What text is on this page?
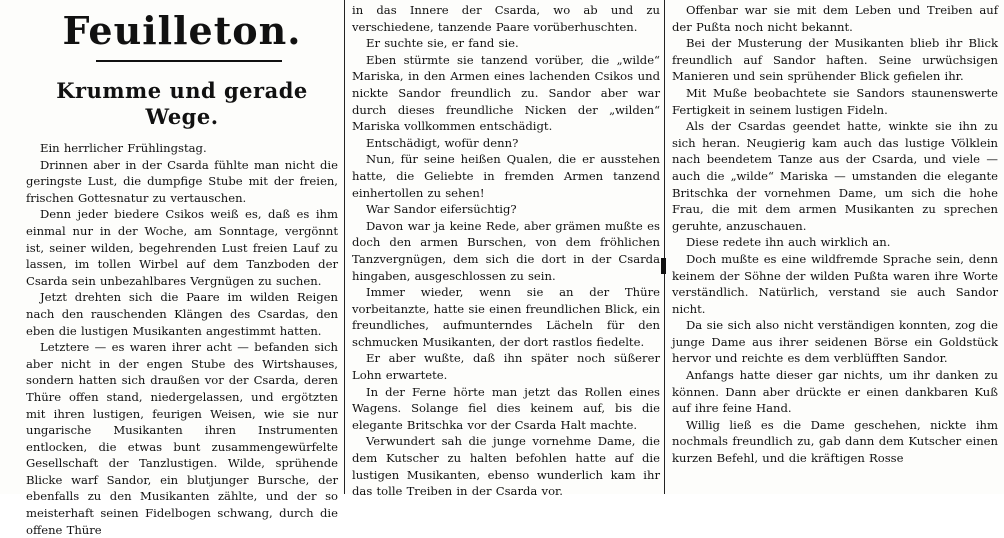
Feuilleton.
Krumme und gerade Wege.

Ein herrlicher Frühlingstag.

Drinnen aber in der Csarda fühlte man nicht die geringste Lust, die dumpfige Stube mit der freien, frischen Gottesnatur zu vertauschen.

Denn jeder biedere Csikos weiß es, daß es ihm einmal nur in der Woche, am Sonntage, vergönnt ist, seiner wilden, begehrenden Lust freien Lauf zu lassen, im tollen Wirbel auf dem Tanzboden der Csarda sein unbezahlbares Vergnügen zu suchen.

Jetzt drehten sich die Paare im wilden Reigen nach den rauschenden Klängen des Csardas, den eben die lustigen Musikanten angestimmt hatten.

Letztere — es waren ihrer acht — befanden sich aber nicht in der engen Stube des Wirtshauses, sondern hatten sich draußen vor der Csarda, deren Thüre offen stand, niedergelassen, und ergötzten mit ihren lustigen, feurigen Weisen, wie sie nur ungarische Musikanten ihren Instrumenten entlocken, die etwas bunt zusammengewürfelte Gesellschaft der Tanzlustigen. Wilde, sprühende Blicke warf Sandor, ein blutjunger Bursche, der ebenfalls zu den Musikanten zählte, und der so meisterhaft seinen Fidelbogen schwang, durch die offene Thüre

in das Innere der Csarda, wo ab und zu verschiedene, tanzende Paare vorüberhuschten.

Er suchte sie, er fand sie.

Eben stürmte sie tanzend vorüber, die „wilde“ Mariska, in den Armen eines lachenden Csikos und nickte Sandor freundlich zu. Sandor aber war durch dieses freundliche Nicken der „wilden“ Mariska vollkommen entschädigt.

Entschädigt, wofür denn?

Nun, für seine heißen Qualen, die er ausstehen hatte, die Geliebte in fremden Armen tanzend einhertollen zu sehen!

War Sandor eifersüchtig?

Davon war ja keine Rede, aber grämen mußte es doch den armen Burschen, von dem fröhlichen Tanzvergnügen, dem sich die dort in der Csarda hingaben, ausgeschlossen zu sein.

Immer wieder, wenn sie an der Thüre vorbeitanzte, hatte sie einen freundlichen Blick, ein freundliches, aufmunterndes Lächeln für den schmucken Musikanten, der dort rastlos fiedelte.

Er aber wußte, daß ihn später noch süßerer Lohn erwartete.

In der Ferne hörte man jetzt das Rollen eines Wagens. Solange fiel dies keinem auf, bis die elegante Britschka vor der Csarda Halt machte.

Verwundert sah die junge vornehme Dame, die dem Kutscher zu halten befohlen hatte auf die lustigen Musikanten, ebenso wunderlich kam ihr das tolle Treiben in der Csarda vor.

Offenbar war sie mit dem Leben und Treiben auf der Pußta noch nicht bekannt.

Bei der Musterung der Musikanten blieb ihr Blick freundlich auf Sandor haften. Seine urwüchsigen Manieren und sein sprühender Blick gefielen ihr.

Mit Muße beobachtete sie Sandors staunenswerte Fertigkeit in seinem lustigen Fideln.

Als der Csardas geendet hatte, winkte sie ihn zu sich heran. Neugierig kam auch das lustige Völklein nach beendetem Tanze aus der Csarda, und viele — auch die „wilde“ Mariska — umstanden die elegante Britschka der vornehmen Dame, um sich die hohe Frau, die mit dem armen Musikanten zu sprechen geruhte, anzuschauen.

Diese redete ihn auch wirklich an.

Doch mußte es eine wildfremde Sprache sein, denn keinem der Söhne der wilden Pußta waren ihre Worte verständlich. Natürlich, verstand sie auch Sandor nicht.

Da sie sich also nicht verständigen konnten, zog die junge Dame aus ihrer seidenen Börse ein Goldstück hervor und reichte es dem verblüfften Sandor.

Anfangs hatte dieser gar nichts, um ihr danken zu können. Dann aber drückte er einen dankbaren Kuß auf ihre feine Hand.

Willig ließ es die Dame geschehen, nickte ihm nochmals freundlich zu, gab dann dem Kutscher einen kurzen Befehl, und die kräftigen Rosse
